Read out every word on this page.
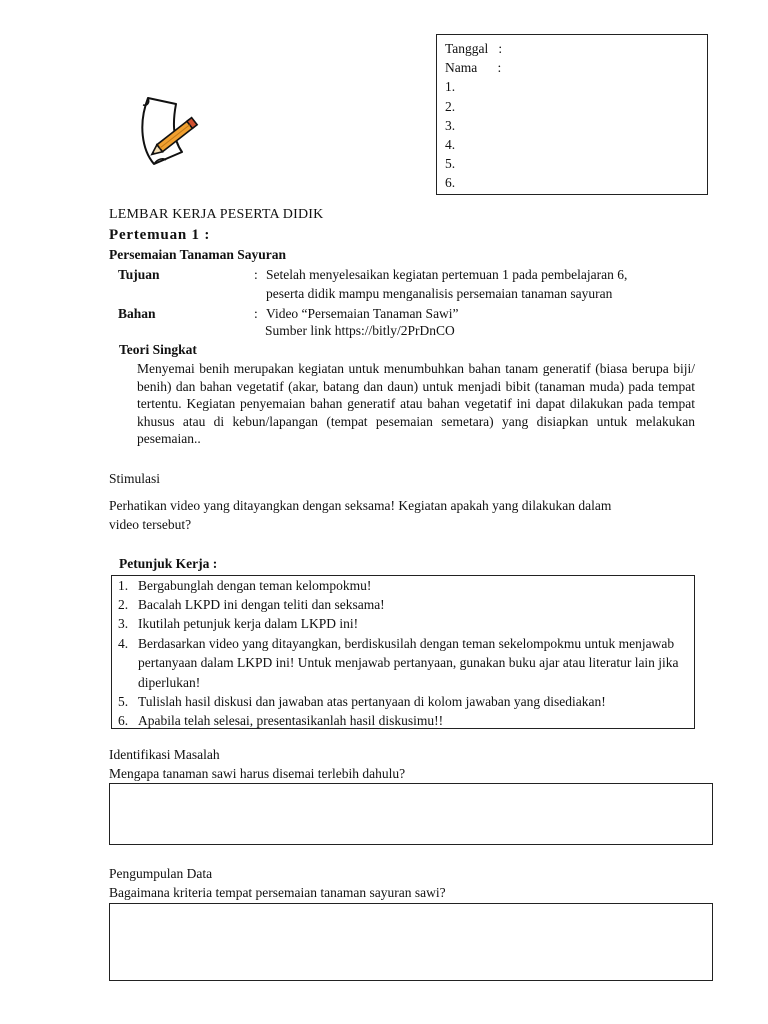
Tanggal :
Nama :
1.
2.
3.
4.
5.
6.
LEMBAR KERJA PESERTA DIDIK
Pertemuan 1 :
Persemaian Tanaman Sayuran
Tujuan	: Setelah menyelesaikan kegiatan pertemuan 1 pada pembelajaran 6,
peserta didik mampu menganalisis persemaian tanaman sayuran
Bahan	: Video “Persemaian Tanaman Sawi”
Sumber link https://bitly/2PrDnCO
Teori Singkat
Menyemai benih merupakan kegiatan untuk menumbuhkan bahan tanam generatif (biasa berupa biji/ benih) dan bahan vegetatif (akar, batang dan daun) untuk menjadi bibit (tanaman muda) pada tempat tertentu. Kegiatan penyemaian bahan generatif atau bahan vegetatif ini dapat dilakukan pada tempat khusus atau di kebun/lapangan (tempat pesemaian semetara) yang disiapkan untuk melakukan pesemaian..
Stimulasi
Perhatikan video yang ditayangkan dengan seksama! Kegiatan apakah yang dilakukan dalam
video tersebut?
Petunjuk Kerja :
1. Bergabunglah dengan teman kelompokmu!
2. Bacalah LKPD ini dengan teliti dan seksama!
3. Ikutilah petunjuk kerja dalam LKPD ini!
4. Berdasarkan video yang ditayangkan, berdiskusilah dengan teman sekelompokmu untuk menjawab pertanyaan dalam LKPD ini! Untuk menjawab pertanyaan, gunakan buku ajar atau literatur lain jika diperlukan!
5. Tulislah hasil diskusi dan jawaban atas pertanyaan di kolom jawaban yang disediakan!
6. Apabila telah selesai, presentasikanlah hasil diskusimu!!
Identifikasi Masalah
Mengapa tanaman sawi harus disemai terlebih dahulu?
Pengumpulan Data
Bagaimana kriteria tempat persemaian tanaman sayuran sawi?
